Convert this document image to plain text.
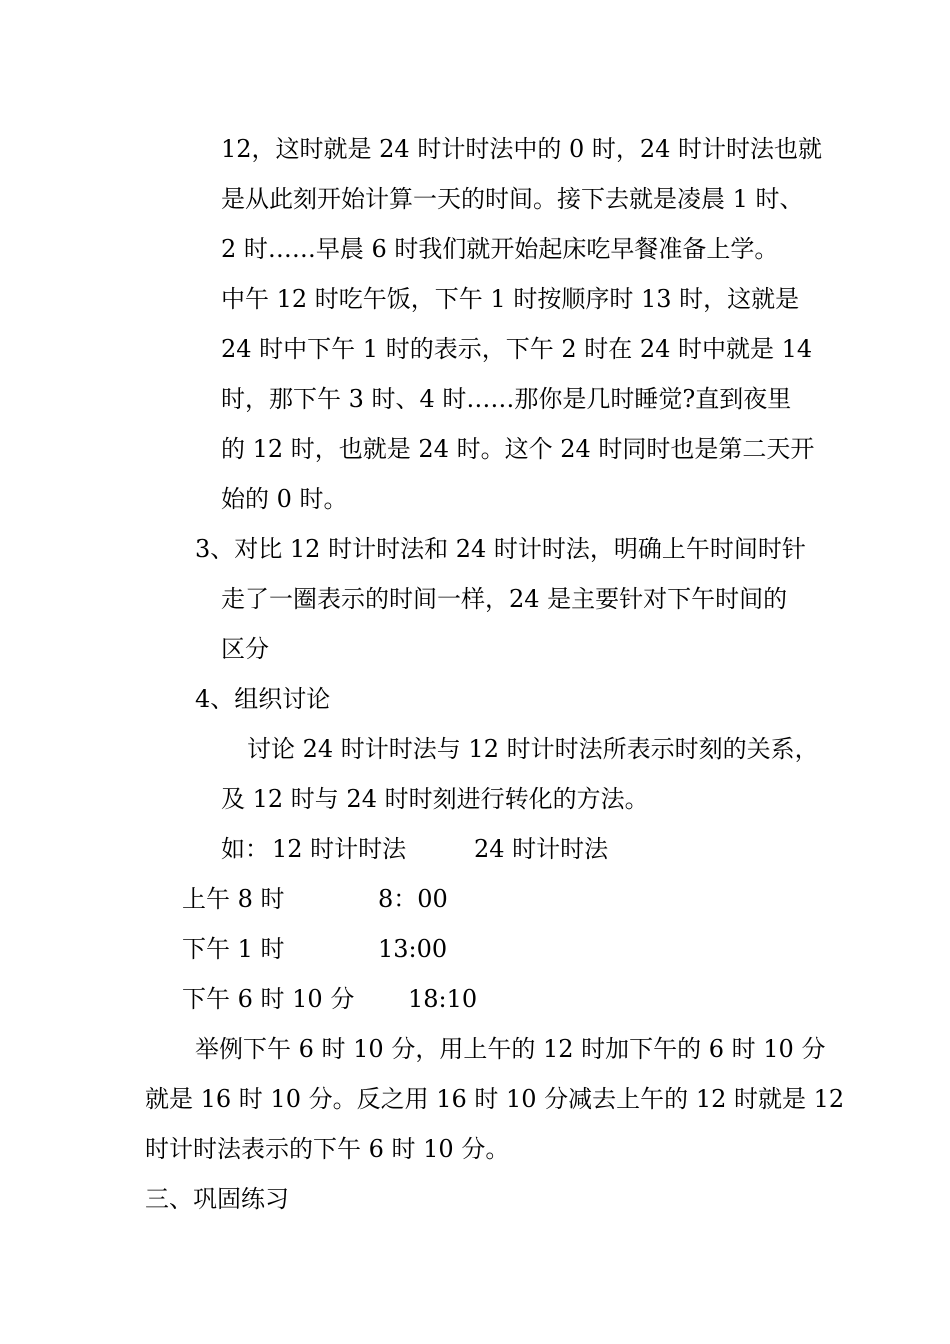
12，这时就是 24 时计时法中的 0 时，24 时计时法也就
是从此刻开始计算一天的时间。接下去就是凌晨 1 时、
2 时……早晨 6 时我们就开始起床吃早餐准备上学。
中午 12 时吃午饭，下午 1 时按顺序时 13 时，这就是
24 时中下午 1 时的表示，下午 2 时在 24 时中就是 14
时，那下午 3 时、4 时……那你是几时睡觉?直到夜里
的 12 时，也就是 24 时。这个 24 时同时也是第二天开
始的 0 时。
3、对比 12 时计时法和 24 时计时法，明确上午时间时针
走了一圈表示的时间一样，24 是主要针对下午时间的
区分
4、组织讨论
讨论 24 时计时法与 12 时计时法所表示时刻的关系，
及 12 时与 24 时时刻进行转化的方法。
如： 12 时计时法	24 时计时法
上午 8 时	8：00
下午 1 时	13:00
下午 6 时 10 分 18:10
举例下午 6 时 10 分，用上午的 12 时加下午的 6 时 10 分
就是 16 时 10 分。反之用 16 时 10 分减去上午的 12 时就是 12
时计时法表示的下午 6 时 10 分。
三、巩固练习
